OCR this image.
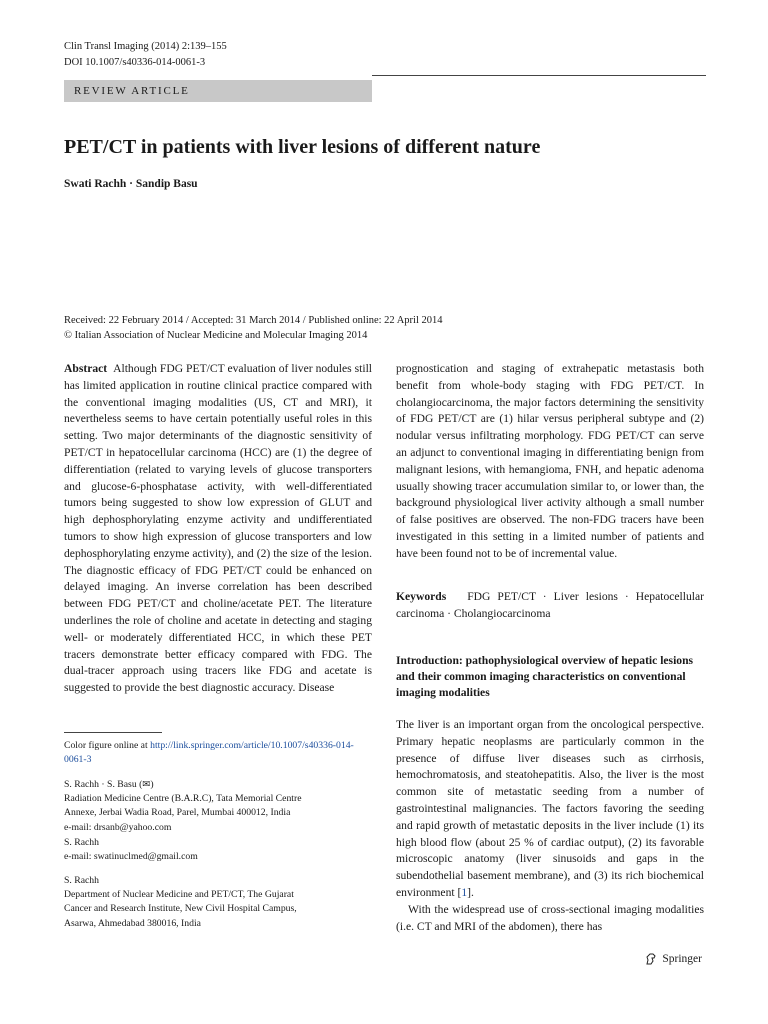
Clin Transl Imaging (2014) 2:139–155
DOI 10.1007/s40336-014-0061-3
REVIEW ARTICLE
PET/CT in patients with liver lesions of different nature
Swati Rachh · Sandip Basu
Received: 22 February 2014 / Accepted: 31 March 2014 / Published online: 22 April 2014
© Italian Association of Nuclear Medicine and Molecular Imaging 2014
Abstract Although FDG PET/CT evaluation of liver nodules still has limited application in routine clinical practice compared with the conventional imaging modalities (US, CT and MRI), it nevertheless seems to have certain potentially useful roles in this setting. Two major determinants of the diagnostic sensitivity of PET/CT in hepatocellular carcinoma (HCC) are (1) the degree of differentiation (related to varying levels of glucose transporters and glucose-6-phosphatase activity, with well-differentiated tumors being suggested to show low expression of GLUT and high dephosphorylating enzyme activity and undifferentiated tumors to show high expression of glucose transporters and low dephosphorylating enzyme activity), and (2) the size of the lesion. The diagnostic efficacy of FDG PET/CT could be enhanced on delayed imaging. An inverse correlation has been described between FDG PET/CT and choline/acetate PET. The literature underlines the role of choline and acetate in detecting and staging well- or moderately differentiated HCC, in which these PET tracers demonstrate better efficacy compared with FDG. The dual-tracer approach using tracers like FDG and acetate is suggested to provide the best diagnostic accuracy. Disease
prognostication and staging of extrahepatic metastasis both benefit from whole-body staging with FDG PET/CT. In cholangiocarcinoma, the major factors determining the sensitivity of FDG PET/CT are (1) hilar versus peripheral subtype and (2) nodular versus infiltrating morphology. FDG PET/CT can serve an adjunct to conventional imaging in differentiating benign from malignant lesions, with hemangioma, FNH, and hepatic adenoma usually showing tracer accumulation similar to, or lower than, the background physiological liver activity although a small number of false positives are observed. The non-FDG tracers have been investigated in this setting in a limited number of patients and have been found not to be of incremental value.
Keywords FDG PET/CT · Liver lesions · Hepatocellular carcinoma · Cholangiocarcinoma
Introduction: pathophysiological overview of hepatic lesions and their common imaging characteristics on conventional imaging modalities

The liver is an important organ from the oncological perspective. Primary hepatic neoplasms are particularly common in the presence of diffuse liver diseases such as cirrhosis, hemochromatosis, and steatohepatitis. Also, the liver is the most common site of metastatic seeding from a number of gastrointestinal malignancies. The factors favoring the seeding and rapid growth of metastatic deposits in the liver include (1) its high blood flow (about 25 % of cardiac output), (2) its favorable microscopic anatomy (liver sinusoids and gaps in the subendothelial basement membrane), and (3) its rich biochemical environment [1].

With the widespread use of cross-sectional imaging modalities (i.e. CT and MRI of the abdomen), there has

Color figure online at http://link.springer.com/article/10.1007/s40336-014-0061-3
S. Rachh · S. Basu (✉)
Radiation Medicine Centre (B.A.R.C), Tata Memorial Centre
Annexe, Jerbai Wadia Road, Parel, Mumbai 400012, India
e-mail: drsanb@yahoo.com
S. Rachh
e-mail: swatinuclmed@gmail.com
S. Rachh
Department of Nuclear Medicine and PET/CT, The Gujarat
Cancer and Research Institute, New Civil Hospital Campus,
Asarwa, Ahmedabad 380016, India
Springer
